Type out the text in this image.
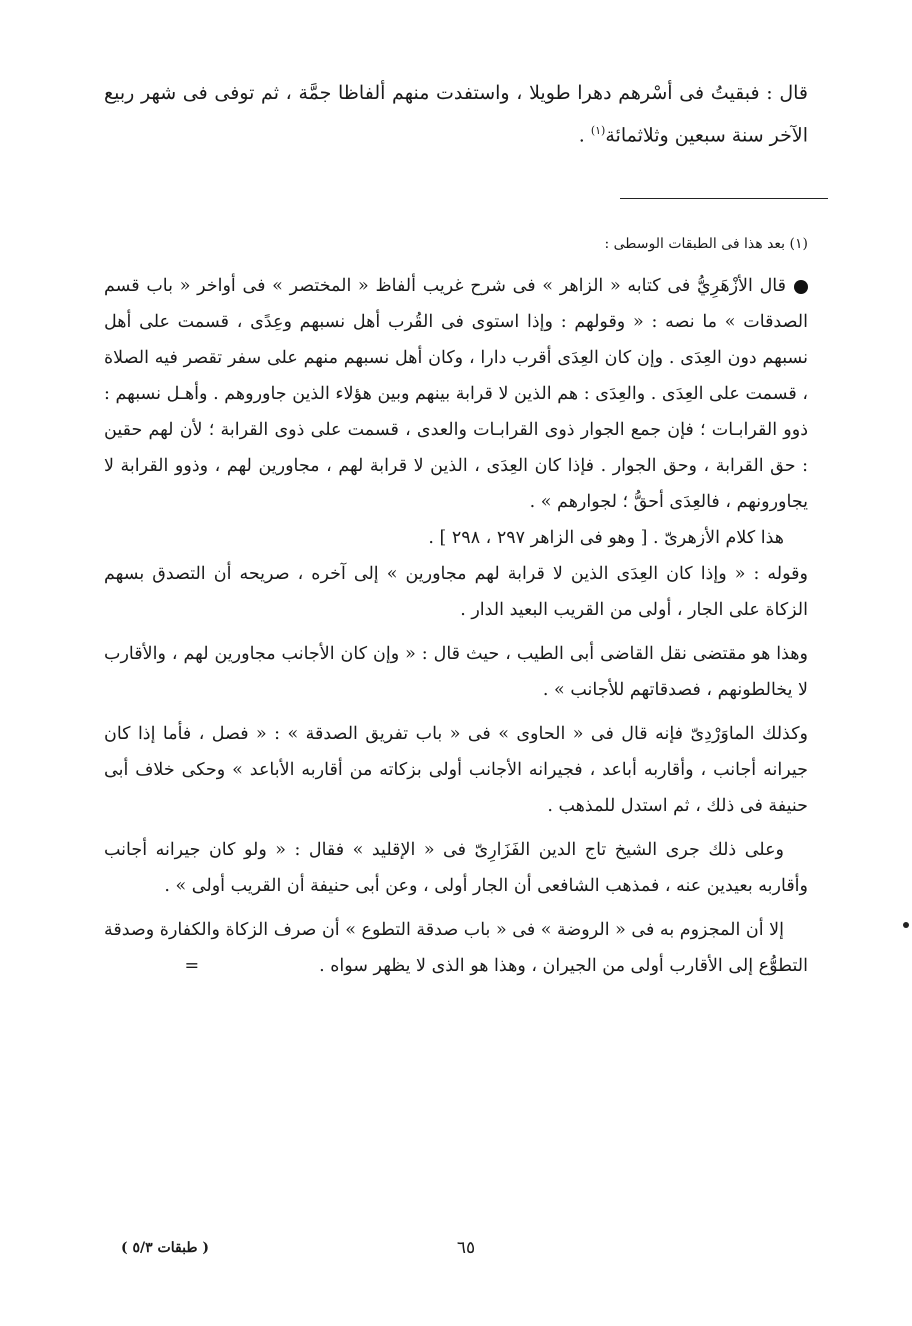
قال : فبقيتُ فى أسْرهم دهرا طويلا ، واستفدت منهم ألفاظا جمَّة ، ثم توفى فى شهر ربيع الآخر سنة سبعين وثلاثمائة$^{(١)}$ .
(١) بعد هذا فى الطبقات الوسطى :

قال الأزْهَرِيُّ فى كتابه « الزاهر » فى شرح غريب ألفاظ « المختصر » فى أواخر « باب قسم الصدقات » ما نصه : « وقولهم : وإذا استوى فى القُرب أهل نسبهم وعِدًى ، قسمت على أهل نسبهم دون العِدَى . وإن كان العِدَى أقرب دارا ، وكان أهل نسبهم منهم على سفر تقصر فيه الصلاة ، قسمت على العِدَى . والعِدَى : هم الذين لا قرابة بينهم وبين هؤلاء الذين جاوروهم . وأهـل نسبهم : ذوو القرابـات ؛ فإن جمع الجوار ذوى القرابـات والعدى ، قسمت على ذوى القرابة ؛ لأن لهم حقين : حق القرابة ، وحق الجوار . فإذا كان العِدَى ، الذين لا قرابة لهم ، مجاورين لهم ، وذوو القرابة لا يجاورونهم ، فالعِدَى أحقُّ ؛ لجوارهم » .

هذا كلام الأزهرىّ . [ وهو فى الزاهر ٢٩٧ ، ٢٩٨ ] .

وقوله : « وإذا كان العِدَى الذين لا قرابة لهم مجاورين » إلى آخره ، صريحه أن التصدق بسهم الزكاة على الجار ، أولى من القريب البعيد الدار .

وهذا هو مقتضى نقل القاضى أبى الطيب ، حيث قال : « وإن كان الأجانب مجاورين لهم ، والأقارب لا يخالطونهم ، فصدقاتهم للأجانب » .

وكذلك الماوَرْدِىّ فإنه قال فى « الحاوى » فى « باب تفريق الصدقة » : « فصل ، فأما إذا كان جيرانه أجانب ، وأقاربه أباعد ، فجيرانه الأجانب أولى بزكاته من أقاربه الأباعد » وحكى خلاف أبى حنيفة فى ذلك ، ثم استدل للمذهب .

وعلى ذلك جرى الشيخ تاج الدين الفَزَارِىّ فى « الإقليد » فقال : « ولو كان جيرانه أجانب وأقاربه بعيدين عنه ، فمذهب الشافعى أن الجار أولى ، وعن أبى حنيفة أن القريب أولى » .

إلا أن المجزوم به فى « الروضة » فى « باب صدقة التطوع » أن صرف الزكاة والكفارة وصدقة التطوُّع إلى الأقارب أولى من الجيران ، وهذا هو الذى لا يظهر سواه .=

٦٥
( طبقات ٥/٣ )
